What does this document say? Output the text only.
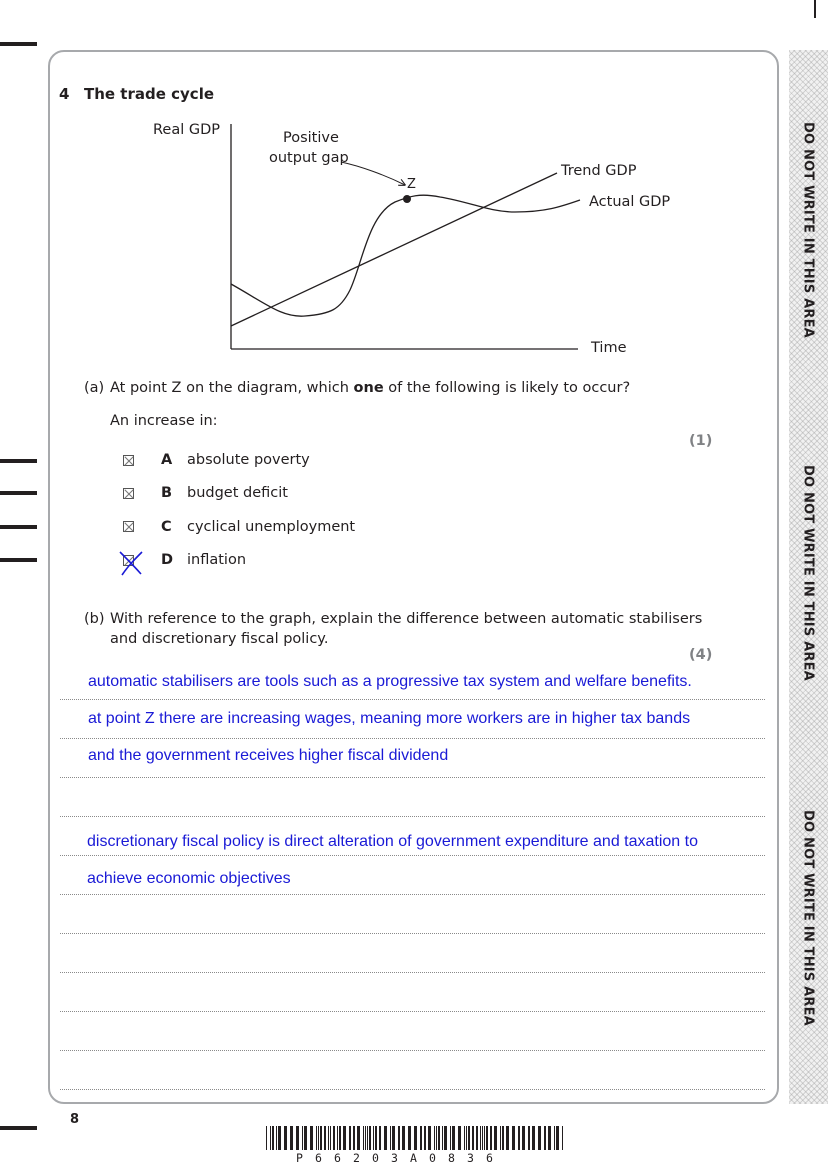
DO NOT WRITE IN THIS AREA
DO NOT WRITE IN THIS AREA
DO NOT WRITE IN THIS AREA
4 The trade cycle
Real GDP
Time
Positive
output gap
Z
Trend GDP
Actual GDP
(a) At point Z on the diagram, which one of the following is likely to occur?
An increase in:
(1)
A absolute poverty
B budget deficit
C cyclical unemployment
D inflation
(b) With reference to the graph, explain the difference between automatic stabilisers
and discretionary fiscal policy.
(4)
automatic stabilisers are tools such as a progressive tax system and welfare benefits.
at point Z there are increasing wages, meaning more workers are in higher tax bands
and the government receives higher fiscal dividend
discretionary fiscal policy is direct alteration of government expenditure and taxation to
achieve economic objectives
8
P 6 6 2 0 3 A 0 8 3 6
